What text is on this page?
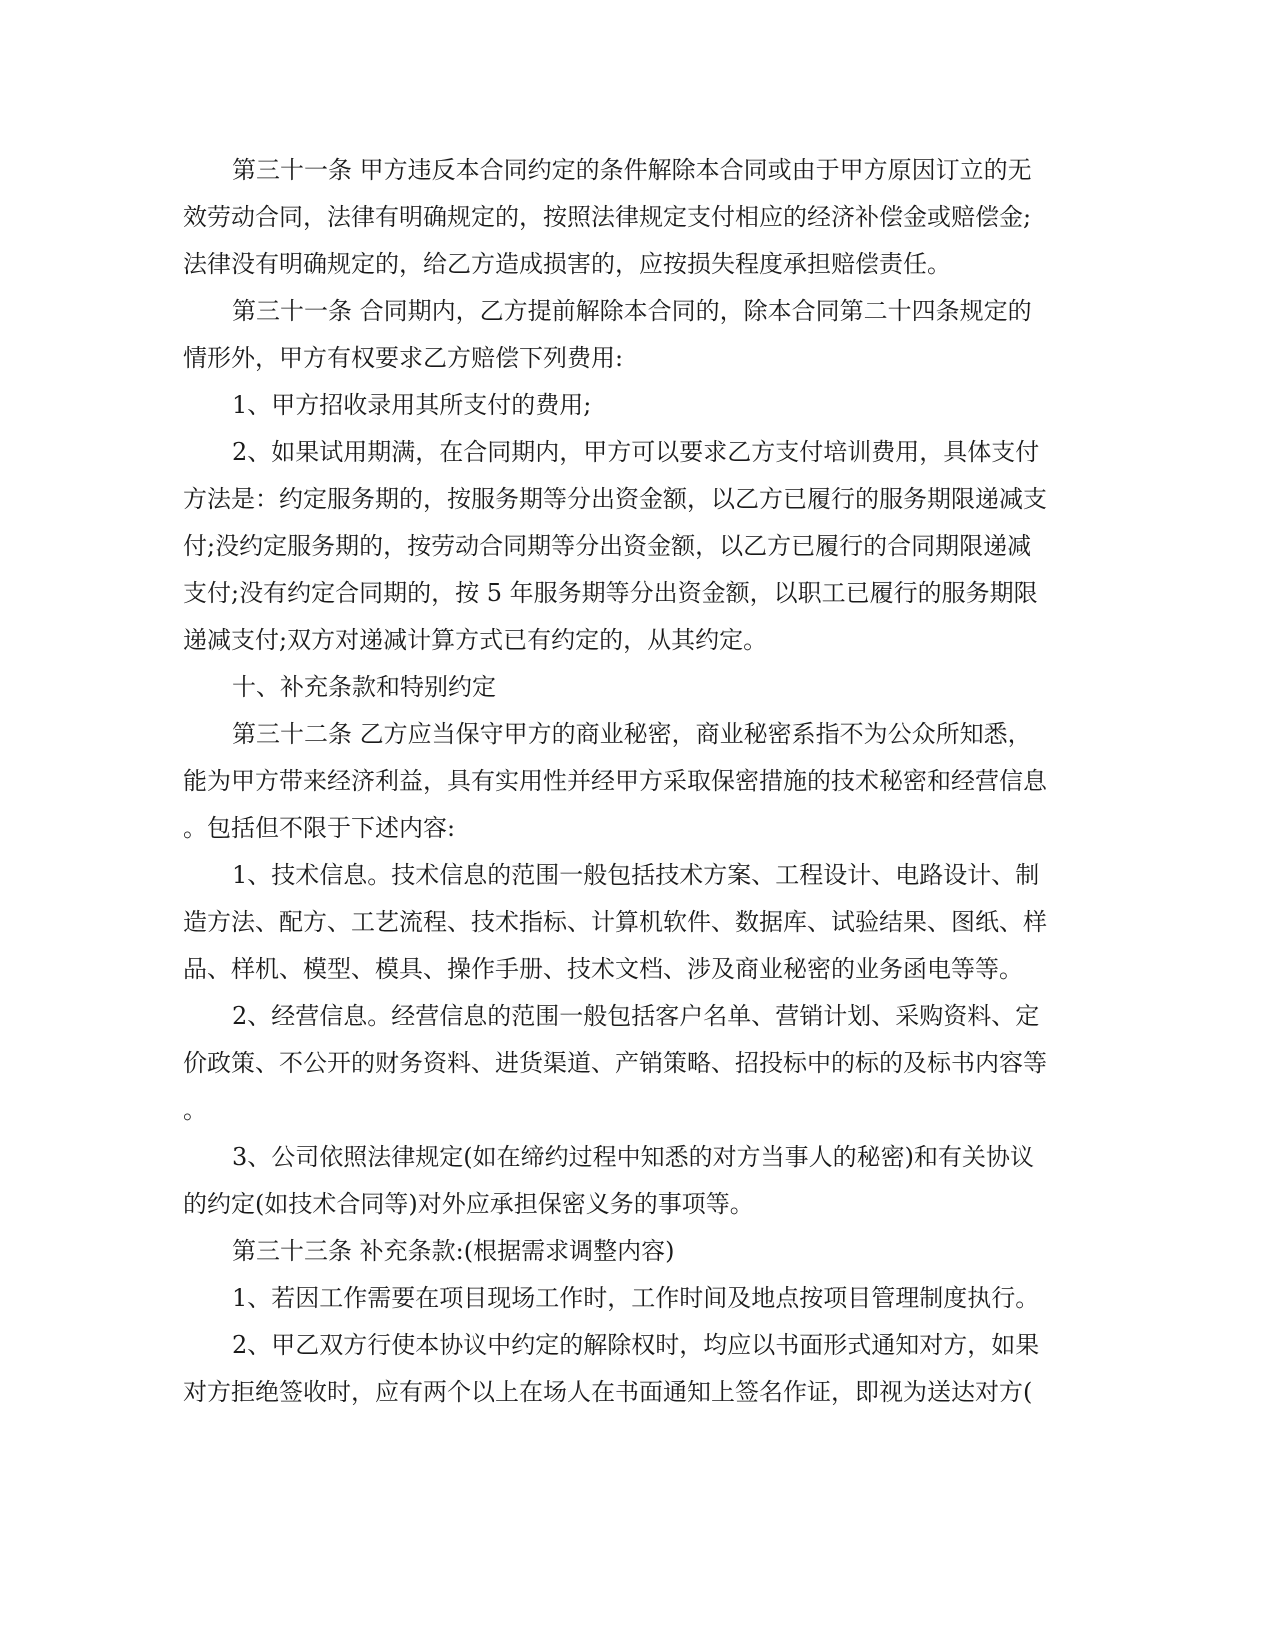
第三十一条 甲方违反本合同约定的条件解除本合同或由于甲方原因订立的无
效劳动合同，法律有明确规定的，按照法律规定支付相应的经济补偿金或赔偿金;
法律没有明确规定的，给乙方造成损害的，应按损失程度承担赔偿责任。
第三十一条 合同期内，乙方提前解除本合同的，除本合同第二十四条规定的
情形外，甲方有权要求乙方赔偿下列费用:
1、甲方招收录用其所支付的费用;
2、如果试用期满，在合同期内，甲方可以要求乙方支付培训费用，具体支付
方法是：约定服务期的，按服务期等分出资金额，以乙方已履行的服务期限递减支
付;没约定服务期的，按劳动合同期等分出资金额，以乙方已履行的合同期限递减
支付;没有约定合同期的，按 5 年服务期等分出资金额，以职工已履行的服务期限
递减支付;双方对递减计算方式已有约定的，从其约定。
十、补充条款和特别约定
第三十二条 乙方应当保守甲方的商业秘密，商业秘密系指不为公众所知悉，
能为甲方带来经济利益，具有实用性并经甲方采取保密措施的技术秘密和经营信息
。包括但不限于下述内容:
1、技术信息。技术信息的范围一般包括技术方案、工程设计、电路设计、制
造方法、配方、工艺流程、技术指标、计算机软件、数据库、试验结果、图纸、样
品、样机、模型、模具、操作手册、技术文档、涉及商业秘密的业务函电等等。
2、经营信息。经营信息的范围一般包括客户名单、营销计划、采购资料、定
价政策、不公开的财务资料、进货渠道、产销策略、招投标中的标的及标书内容等
。
3、公司依照法律规定(如在缔约过程中知悉的对方当事人的秘密)和有关协议
的约定(如技术合同等)对外应承担保密义务的事项等。
第三十三条 补充条款:(根据需求调整内容)
1、若因工作需要在项目现场工作时，工作时间及地点按项目管理制度执行。
2、甲乙双方行使本协议中约定的解除权时，均应以书面形式通知对方，如果
对方拒绝签收时，应有两个以上在场人在书面通知上签名作证，即视为送达对方(
